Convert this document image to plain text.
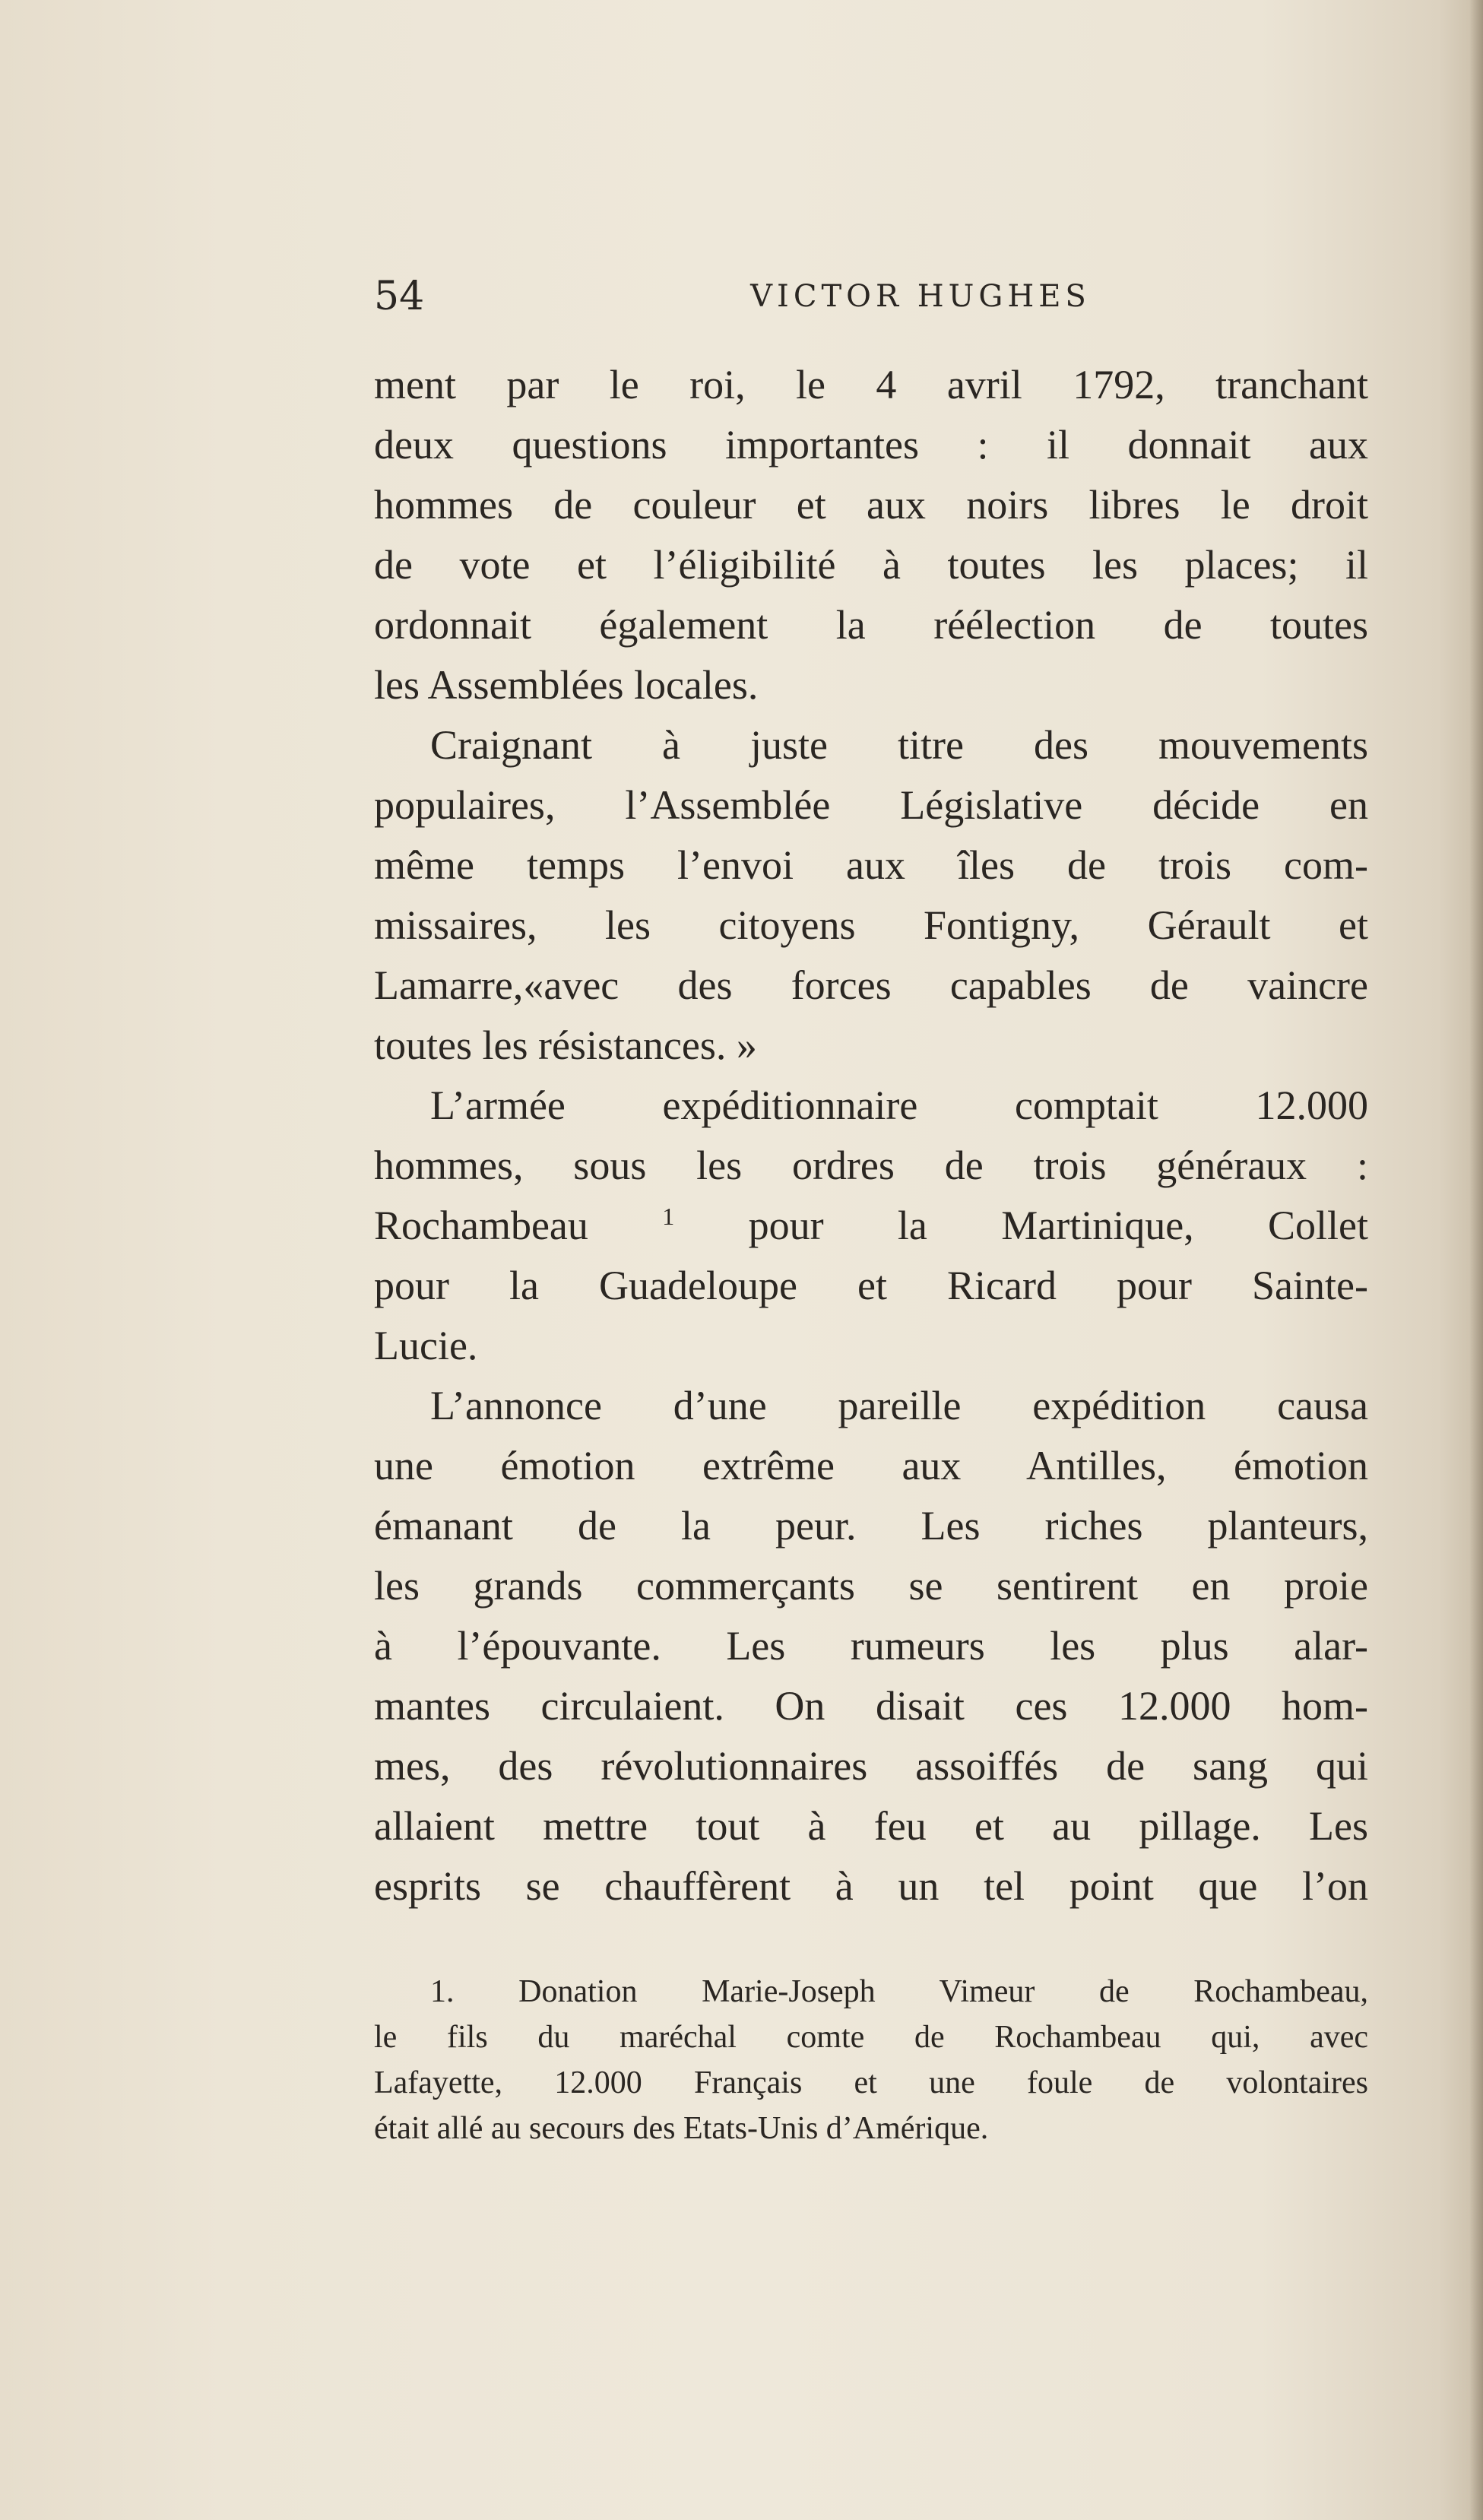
54	VICTOR HUGHES

ment par le roi, le 4 avril 1792, tranchant

deux questions importantes : il donnait aux

hommes de couleur et aux noirs libres le droit

de vote et l’éligibilité à toutes les places; il

ordonnait également la réélection de toutes

les Assemblées locales.

Craignant à juste titre des mouvements

populaires, l’Assemblée Législative décide en

même temps l’envoi aux îles de trois com-

missaires, les citoyens Fontigny, Gérault et

Lamarre,«avec des forces capables de vaincre

toutes les résistances. »

L’armée expéditionnaire comptait 12.000

hommes, sous les ordres de trois généraux :

Rochambeau	$^1$ pour la Martinique, Collet

pour la Guadeloupe et Ricard pour Sainte-

Lucie.

L’annonce d’une pareille expédition causa

une émotion extrême aux Antilles, émotion

émanant de la peur. Les riches planteurs,

les grands commerçants se sentirent en proie

à l’épouvante. Les rumeurs les plus alar-

mantes circulaient. On disait ces 12.000 hom-

mes, des révolutionnaires assoiffés de sang qui

allaient mettre tout à feu et au pillage. Les

esprits se chauffèrent à un tel point que l’on

1. Donation Marie-Joseph Vimeur de Rochambeau,
le fils du maréchal comte de Rochambeau qui, avec
Lafayette, 12.000 Français et une foule de volontaires
était allé au secours des Etats-Unis d’Amérique.
